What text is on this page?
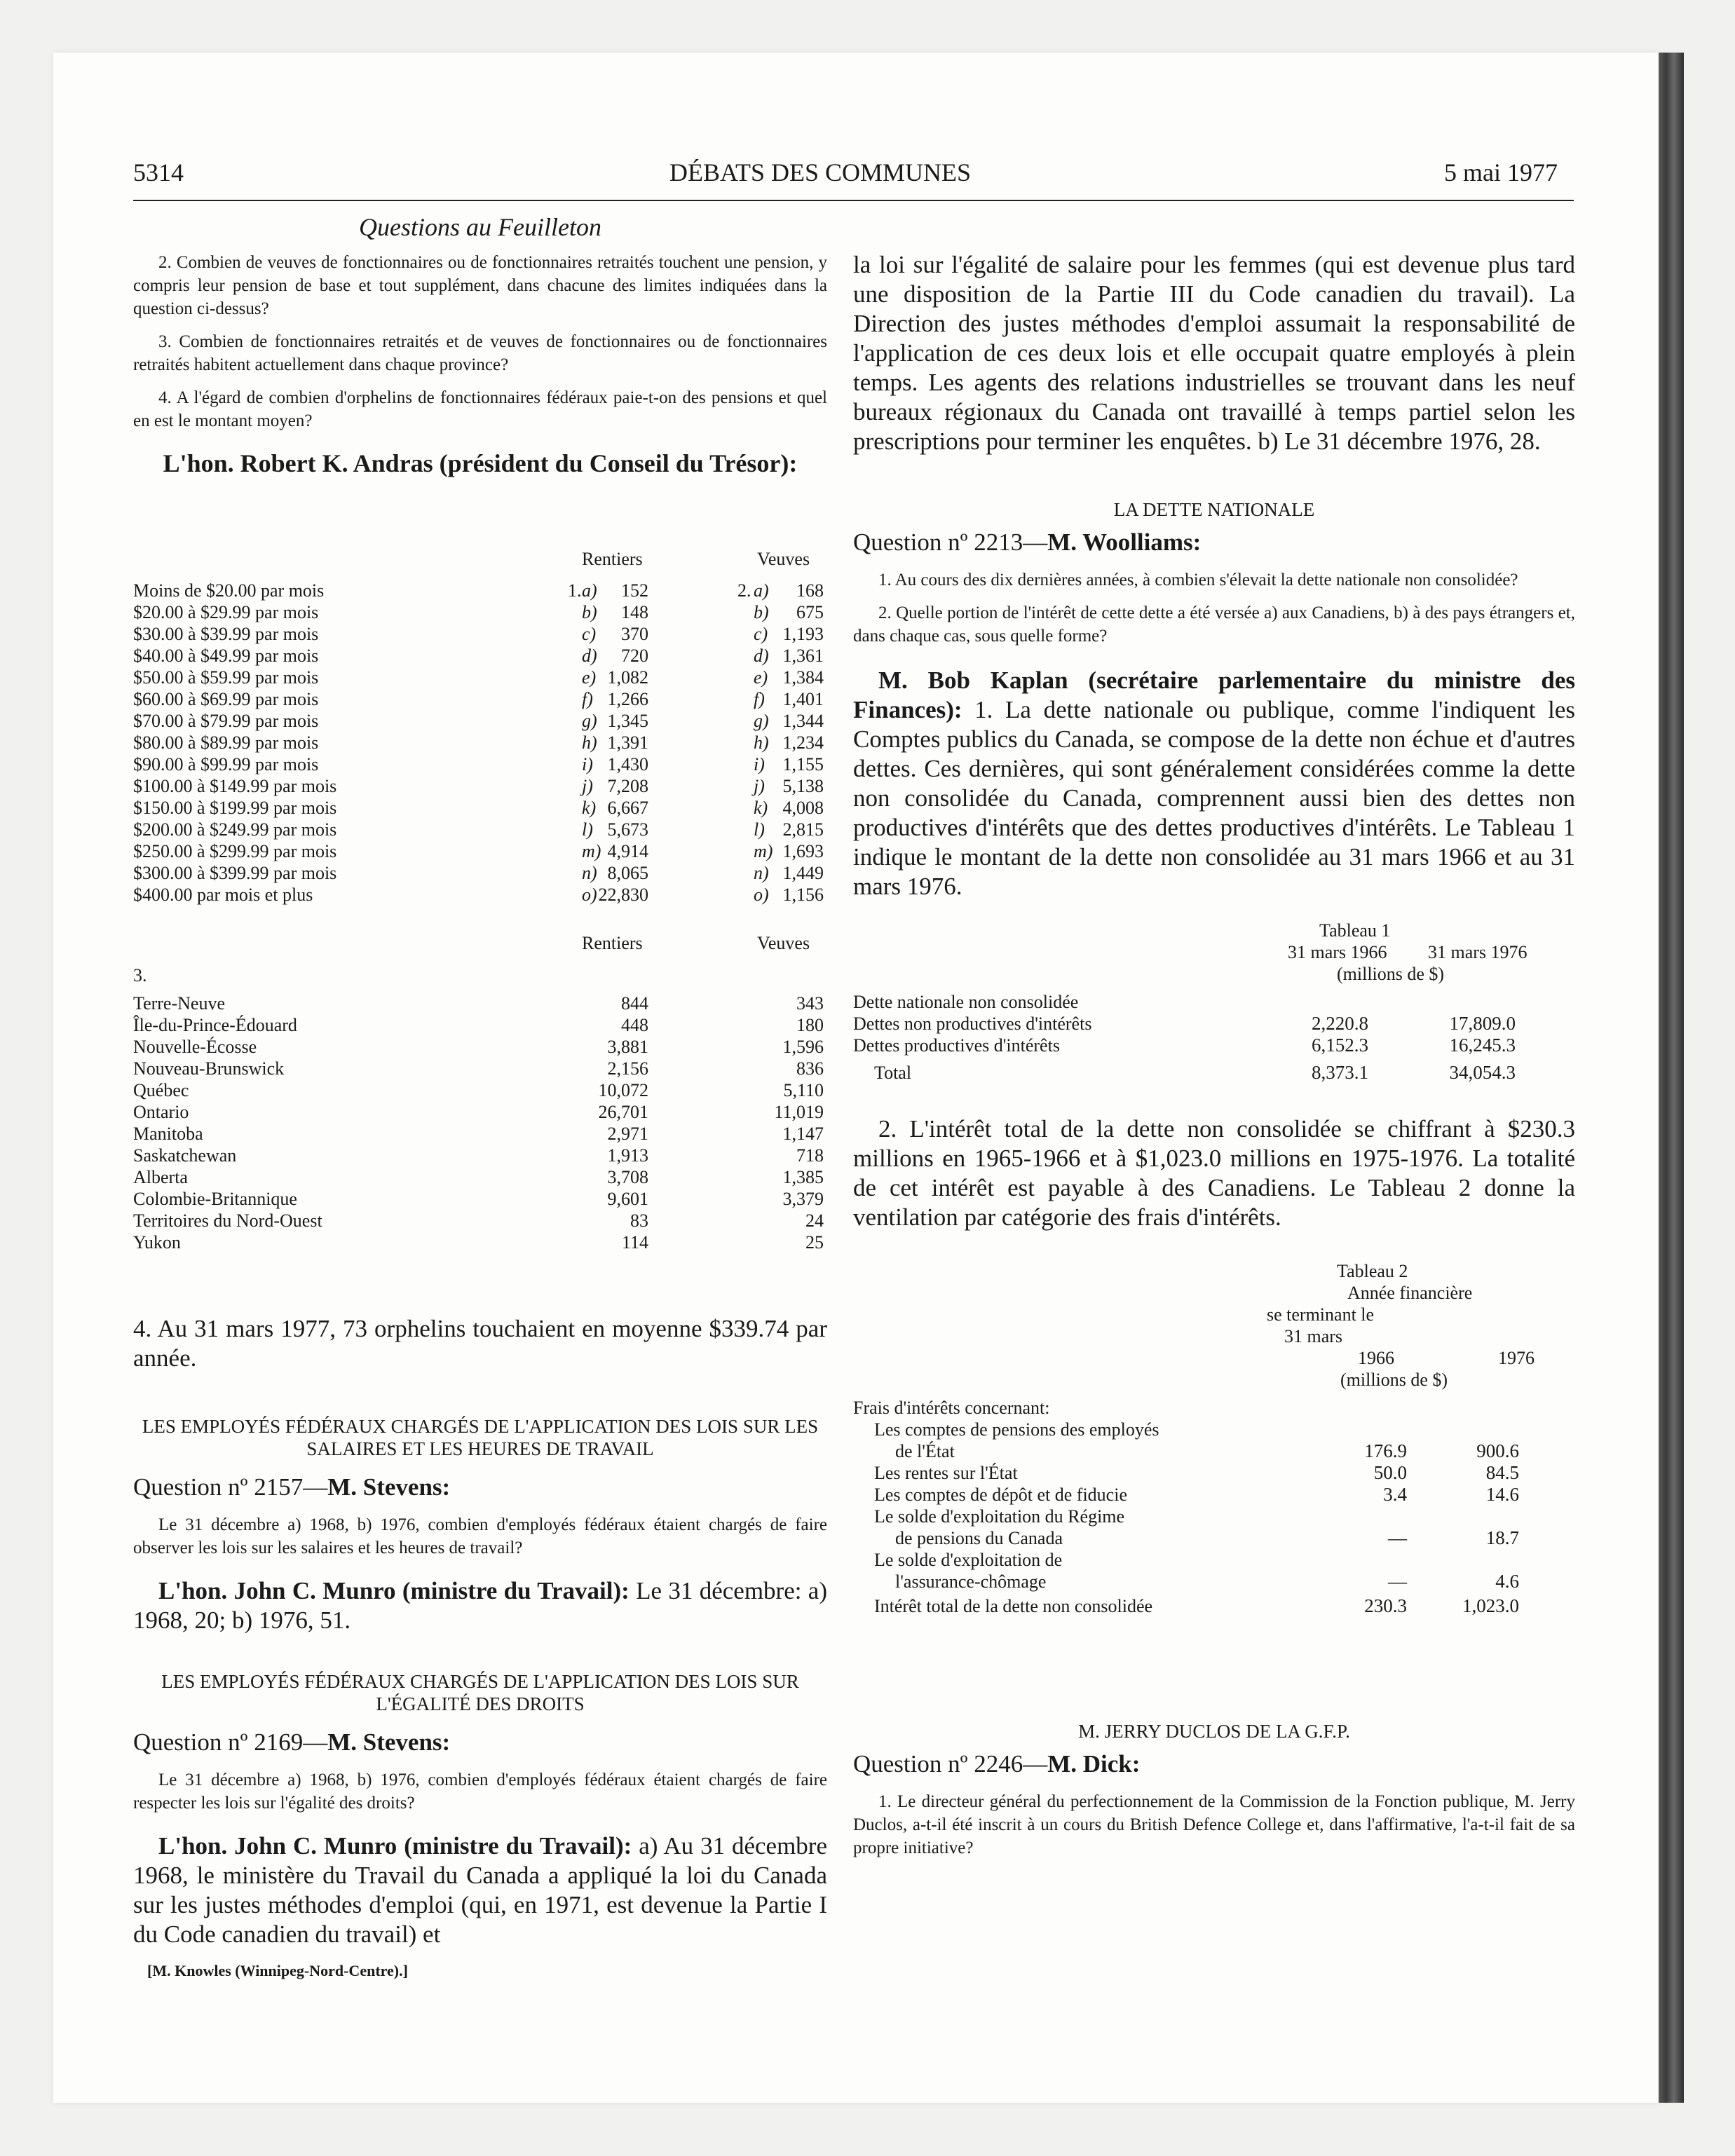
5314	DÉBATS DES COMMUNES	5 mai 1977
Questions au Feuilleton

2. Combien de veuves de fonctionnaires ou de fonctionnaires retraités touchent une pension, y compris leur pension de base et tout supplément, dans chacune des limites indiquées dans la question ci-dessus?

3. Combien de fonctionnaires retraités et de veuves de fonctionnaires ou de fonctionnaires retraités habitent actuellement dans chaque province?

4. A l'égard de combien d'orphelins de fonctionnaires fédéraux paie-t-on des pensions et quel en est le montant moyen?

L'hon. Robert K. Andras (président du Conseil du Trésor):
Rentiers	Veuves
Moins de $20.00 par mois	1. a) 152	2. a) 168
$20.00 à $29.99 par mois	b) 148	b) 675
$30.00 à $39.99 par mois	c) 370	c) 1,193
$40.00 à $49.99 par mois	d) 720	d) 1,361
$50.00 à $59.99 par mois	e) 1,082	e) 1,384
$60.00 à $69.99 par mois	f) 1,266	f) 1,401
$70.00 à $79.99 par mois	g) 1,345	g) 1,344
$80.00 à $89.99 par mois	h) 1,391	h) 1,234
$90.00 à $99.99 par mois	i) 1,430	i) 1,155
$100.00 à $149.99 par mois	j) 7,208	j) 5,138
$150.00 à $199.99 par mois	k) 6,667	k) 4,008
$200.00 à $249.99 par mois	l) 5,673	l) 2,815
$250.00 à $299.99 par mois	m) 4,914	m) 1,693
$300.00 à $399.99 par mois	n) 8,065	n) 1,449
$400.00 par mois et plus	o) 22,830	o) 1,156
Rentiers	Veuves
3.
Terre-Neuve	844	343
Île-du-Prince-Édouard	448	180
Nouvelle-Écosse	3,881	1,596
Nouveau-Brunswick	2,156	836
Québec	10,072	5,110
Ontario	26,701	11,019
Manitoba	2,971	1,147
Saskatchewan	1,913	718
Alberta	3,708	1,385
Colombie-Britannique	9,601	3,379
Territoires du Nord-Ouest	83	24
Yukon	114	25

4. Au 31 mars 1977, 73 orphelins touchaient en moyenne $339.74 par année.

LES EMPLOYÉS FÉDÉRAUX CHARGÉS DE L'APPLICATION DES LOIS SUR LES SALAIRES ET LES HEURES DE TRAVAIL
Question nº 2157—M. Stevens:

Le 31 décembre a) 1968, b) 1976, combien d'employés fédéraux étaient chargés de faire observer les lois sur les salaires et les heures de travail?

L'hon. John C. Munro (ministre du Travail): Le 31 décembre: a) 1968, 20; b) 1976, 51.

LES EMPLOYÉS FÉDÉRAUX CHARGÉS DE L'APPLICATION DES LOIS SUR L'ÉGALITÉ DES DROITS
Question nº 2169—M. Stevens:

Le 31 décembre a) 1968, b) 1976, combien d'employés fédéraux étaient chargés de faire respecter les lois sur l'égalité des droits?

L'hon. John C. Munro (ministre du Travail): a) Au 31 décembre 1968, le ministère du Travail du Canada a appliqué la loi du Canada sur les justes méthodes d'emploi (qui, en 1971, est devenue la Partie I du Code canadien du travail) et

[M. Knowles (Winnipeg-Nord-Centre).]

la loi sur l'égalité de salaire pour les femmes (qui est devenue plus tard une disposition de la Partie III du Code canadien du travail). La Direction des justes méthodes d'emploi assumait la responsabilité de l'application de ces deux lois et elle occupait quatre employés à plein temps. Les agents des relations industrielles se trouvant dans les neuf bureaux régionaux du Canada ont travaillé à temps partiel selon les prescriptions pour terminer les enquêtes. b) Le 31 décembre 1976, 28.

LA DETTE NATIONALE
Question nº 2213—M. Woolliams:

1. Au cours des dix dernières années, à combien s'élevait la dette nationale non consolidée?

2. Quelle portion de l'intérêt de cette dette a été versée a) aux Canadiens, b) à des pays étrangers et, dans chaque cas, sous quelle forme?

M. Bob Kaplan (secrétaire parlementaire du ministre des Finances): 1. La dette nationale ou publique, comme l'indiquent les Comptes publics du Canada, se compose de la dette non échue et d'autres dettes. Ces dernières, qui sont généralement considérées comme la dette non consolidée du Canada, comprennent aussi bien des dettes non productives d'intérêts que des dettes productives d'intérêts. Le Tableau 1 indique le montant de la dette non consolidée au 31 mars 1966 et au 31 mars 1976.

Tableau 1
31 mars 1966 31 mars 1976
(millions de $)
Dette nationale non consolidée
Dettes non productives d'intérêts	2,220.8	17,809.0
Dettes productives d'intérêts	6,152.3	16,245.3
Total	8,373.1	34,054.3

2. L'intérêt total de la dette non consolidée se chiffrant à $230.3 millions en 1965-1966 et à $1,023.0 millions en 1975-1976. La totalité de cet intérêt est payable à des Canadiens. Le Tableau 2 donne la ventilation par catégorie des frais d'intérêts.

Tableau 2
Année financière
se terminant le
31 mars
1966	1976
(millions de $)
Frais d'intérêts concernant:
Les comptes de pensions des employés
de l'État	176.9	900.6
Les rentes sur l'État	50.0	84.5
Les comptes de dépôt et de fiducie	3.4	14.6
Le solde d'exploitation du Régime
de pensions du Canada	—	18.7
Le solde d'exploitation de
l'assurance-chômage	—	4.6
Intérêt total de la dette non consolidée	230.3	1,023.0
M. JERRY DUCLOS DE LA G.F.P.
Question nº 2246—M. Dick:

1. Le directeur général du perfectionnement de la Commission de la Fonction publique, M. Jerry Duclos, a-t-il été inscrit à un cours du British Defence College et, dans l'affirmative, l'a-t-il fait de sa propre initiative?
